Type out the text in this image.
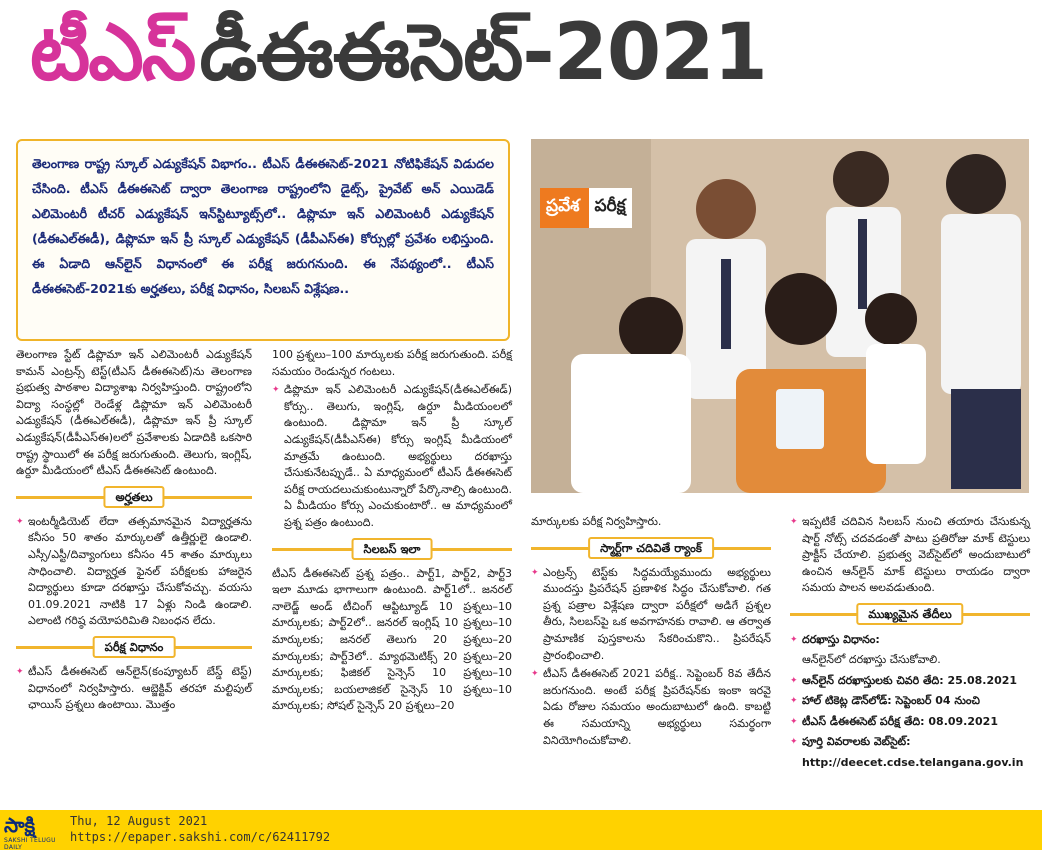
టీఎస్ డీఈఈసెట్-2021

తెలంగాణ రాష్ట్ర స్కూల్ ఎడ్యుకేషన్ విభాగం.. టీఎస్ డీఈఈసెట్-2021 నోటిఫికేషన్ విడుదల చేసింది. టీఎస్ డీఈఈసెట్ ద్వారా తెలంగాణ రాష్ట్రంలోని డైట్స్, ప్రైవేట్ అన్ ఎయిడెడ్ ఎలిమెంటరీ టీచర్ ఎడ్యుకేషన్ ఇన్‌స్టిట్యూట్స్‌లో.. డిప్లొమా ఇన్ ఎలిమెంటరీ ఎడ్యుకేషన్ (డీఈఎల్ఈడీ), డిప్లొమా ఇన్ ప్రీ స్కూల్ ఎడ్యుకేషన్ (డీపీఎస్ఈ) కోర్సుల్లో ప్రవేశం లభిస్తుంది. ఈ ఏడాది ఆన్‌లైన్ విధానంలో ఈ పరీక్ష జరుగనుంది. ఈ నేపథ్యంలో.. టీఎస్ డీఈఈసెట్-2021కు అర్హతలు, పరీక్ష విధానం, సిలబస్ విశ్లేషణ..

ప్రవేశ పరీక్ష

తెలంగాణ స్టేట్ డిప్లొమా ఇన్ ఎలిమెంటరీ ఎడ్యుకేషన్ కామన్ ఎంట్రన్స్ టెస్ట్(టీఎస్ డీఈఈసెట్)ను తెలంగాణ ప్రభుత్వ పాఠశాల విద్యాశాఖ నిర్వహిస్తుంది. రాష్ట్రంలోని విద్యా సంస్థల్లో రెండేళ్ల డిప్లొమా ఇన్ ఎలిమెంటరీ ఎడ్యుకేషన్ (డీఈఎల్ఈడీ), డిప్లొమా ఇన్ ప్రీ స్కూల్ ఎడ్యుకేషన్(డీపీఎస్ఈ)లలో ప్రవేశాలకు ఏడాదికి ఒకసారి రాష్ట్ర స్థాయిలో ఈ పరీక్ష జరుగుతుంది. తెలుగు, ఇంగ్లిష్, ఉర్దూ మీడియంలో టీఎస్ డీఈఈసెట్ ఉంటుంది.

అర్హతలు

✦ ఇంటర్మీడియెట్ లేదా తత్సమానమైన విద్యార్హతను కనీసం 50 శాతం మార్కులతో ఉత్తీర్ణులై ఉండాలి. ఎస్సీ/ఎస్టీ/దివ్యాంగులు కనీసం 45 శాతం మార్కులు సాధించాలి. విద్యార్హత ఫైనల్ పరీక్షలకు హాజరైన విద్యార్థులు కూడా దరఖాస్తు చేసుకోవచ్చు. వయసు 01.09.2021 నాటికి 17 ఏళ్లు నిండి ఉండాలి. ఎలాంటి గరిష్ఠ వయోపరిమితి నిబంధన లేదు.

పరీక్ష విధానం

✦ టీఎస్ డీఈఈసెట్ ఆన్‌లైన్(కంప్యూటర్ బేస్డ్ టెస్ట్) విధానంలో నిర్వహిస్తారు. ఆబ్జెక్టివ్ తరహా మల్టిపుల్ ఛాయిస్ ప్రశ్నలు ఉంటాయి. మొత్తం

100 ప్రశ్నలు–100 మార్కులకు పరీక్ష జరుగుతుంది. పరీక్ష సమయం రెండున్నర గంటలు.

✦ డిప్లొమా ఇన్ ఎలిమెంటరీ ఎడ్యుకేషన్(డీఈఎల్ఈడ్) కోర్సు.. తెలుగు, ఇంగ్లిష్, ఉర్దూ మీడియంలలో ఉంటుంది. డిప్లొమా ఇన్ ప్రీ స్కూల్ ఎడ్యుకేషన్(డీపీఎస్ఈ) కోర్సు ఇంగ్లిష్ మీడియంలో మాత్రమే ఉంటుంది. అభ్యర్థులు దరఖాస్తు చేసుకునేటప్పుడే.. ఏ మాధ్యమంలో టీఎస్ డీఈఈసెట్ పరీక్ష రాయదలుచుకుంటున్నారో పేర్కొనాల్సి ఉంటుంది. ఏ మీడియం కోర్సు ఎంచుకుంటారో.. ఆ మాధ్యమంలో ప్రశ్న పత్రం ఉంటుంది.

సిలబస్ ఇలా

టీఎస్ డీఈఈసెట్ ప్రశ్న పత్రం.. పార్ట్1, పార్ట్2, పార్ట్3 ఇలా మూడు భాగాలుగా ఉంటుంది. పార్ట్1లో.. జనరల్ నాలెడ్జ్ అండ్ టీచింగ్ ఆప్టిట్యూడ్ 10 ప్రశ్నలు–10 మార్కులకు; పార్ట్2లో.. జనరల్ ఇంగ్లిష్ 10 ప్రశ్నలు–10 మార్కులకు; జనరల్ తెలుగు 20 ప్రశ్నలు–20 మార్కులకు; పార్ట్3లో.. మ్యాథమెటిక్స్ 20 ప్రశ్నలు–20 మార్కులకు; ఫిజికల్ సైన్సెస్ 10 ప్రశ్నలు–10 మార్కులకు; బయలాజికల్ సైన్సెస్ 10 ప్రశ్నలు–10 మార్కులకు; సోషల్ సైన్సెస్ 20 ప్రశ్నలు–20

మార్కులకు పరీక్ష నిర్వహిస్తారు.

స్మార్ట్‌గా చదివితే ర్యాంక్

✦ ఎంట్రన్స్ టెస్ట్‌కు సిద్ధమయ్యేముందు అభ్యర్థులు ముందస్తు ప్రిపరేషన్ ప్రణాళిక సిద్ధం చేసుకోవాలి. గత ప్రశ్న పత్రాల విశ్లేషణ ద్వారా పరీక్షలో అడిగే ప్రశ్నల తీరు, సిలబస్‌పై ఒక అవగాహనకు రావాలి. ఆ తర్వాత ప్రామాణిక పుస్తకాలను సేకరించుకొని.. ప్రిపరేషన్ ప్రారంభించాలి.

✦ టీఎస్ డీఈఈసెట్ 2021 పరీక్ష.. సెప్టెంబర్ 8వ తేదీన జరుగనుంది. అంటే పరీక్ష ప్రిపరేషన్‌కు ఇంకా ఇరవై ఏడు రోజుల సమయం అందుబాటులో ఉంది. కాబట్టి ఈ సమయాన్ని అభ్యర్థులు సమర్థంగా వినియోగించుకోవాలి.

✦ ఇప్పటికే చదివిన సిలబస్ నుంచి తయారు చేసుకున్న షార్ట్ నోట్స్ చదవడంతో పాటు ప్రతిరోజు మాక్ టెస్టులు ప్రాక్టీస్ చేయాలి. ప్రభుత్వ వెబ్‌సైట్‌లో అందుబాటులో ఉంచిన ఆన్‌లైన్ మాక్ టెస్టులు రాయడం ద్వారా సమయ పాలన అలవడుతుంది.

ముఖ్యమైన తేదీలు

✦ దరఖాస్తు విధానం:

ఆన్‌లైన్‌లో దరఖాస్తు చేసుకోవాలి.

✦ ఆన్‌లైన్ దరఖాస్తులకు చివరి తేది: 25.08.2021

✦ హాల్ టికెట్ల డౌన్‌లోడ్: సెప్టెంబర్ 04 నుంచి

✦ టీఎస్ డీఈఈసెట్ పరీక్ష తేది: 08.09.2021

✦ పూర్తి వివరాలకు వెబ్‌సైట్:

http://deecet.cdse.telangana.gov.in

సాక్షి
SAKSHI TELUGU DAILY
Thu, 12 August 2021
https://epaper.sakshi.com/c/62411792
